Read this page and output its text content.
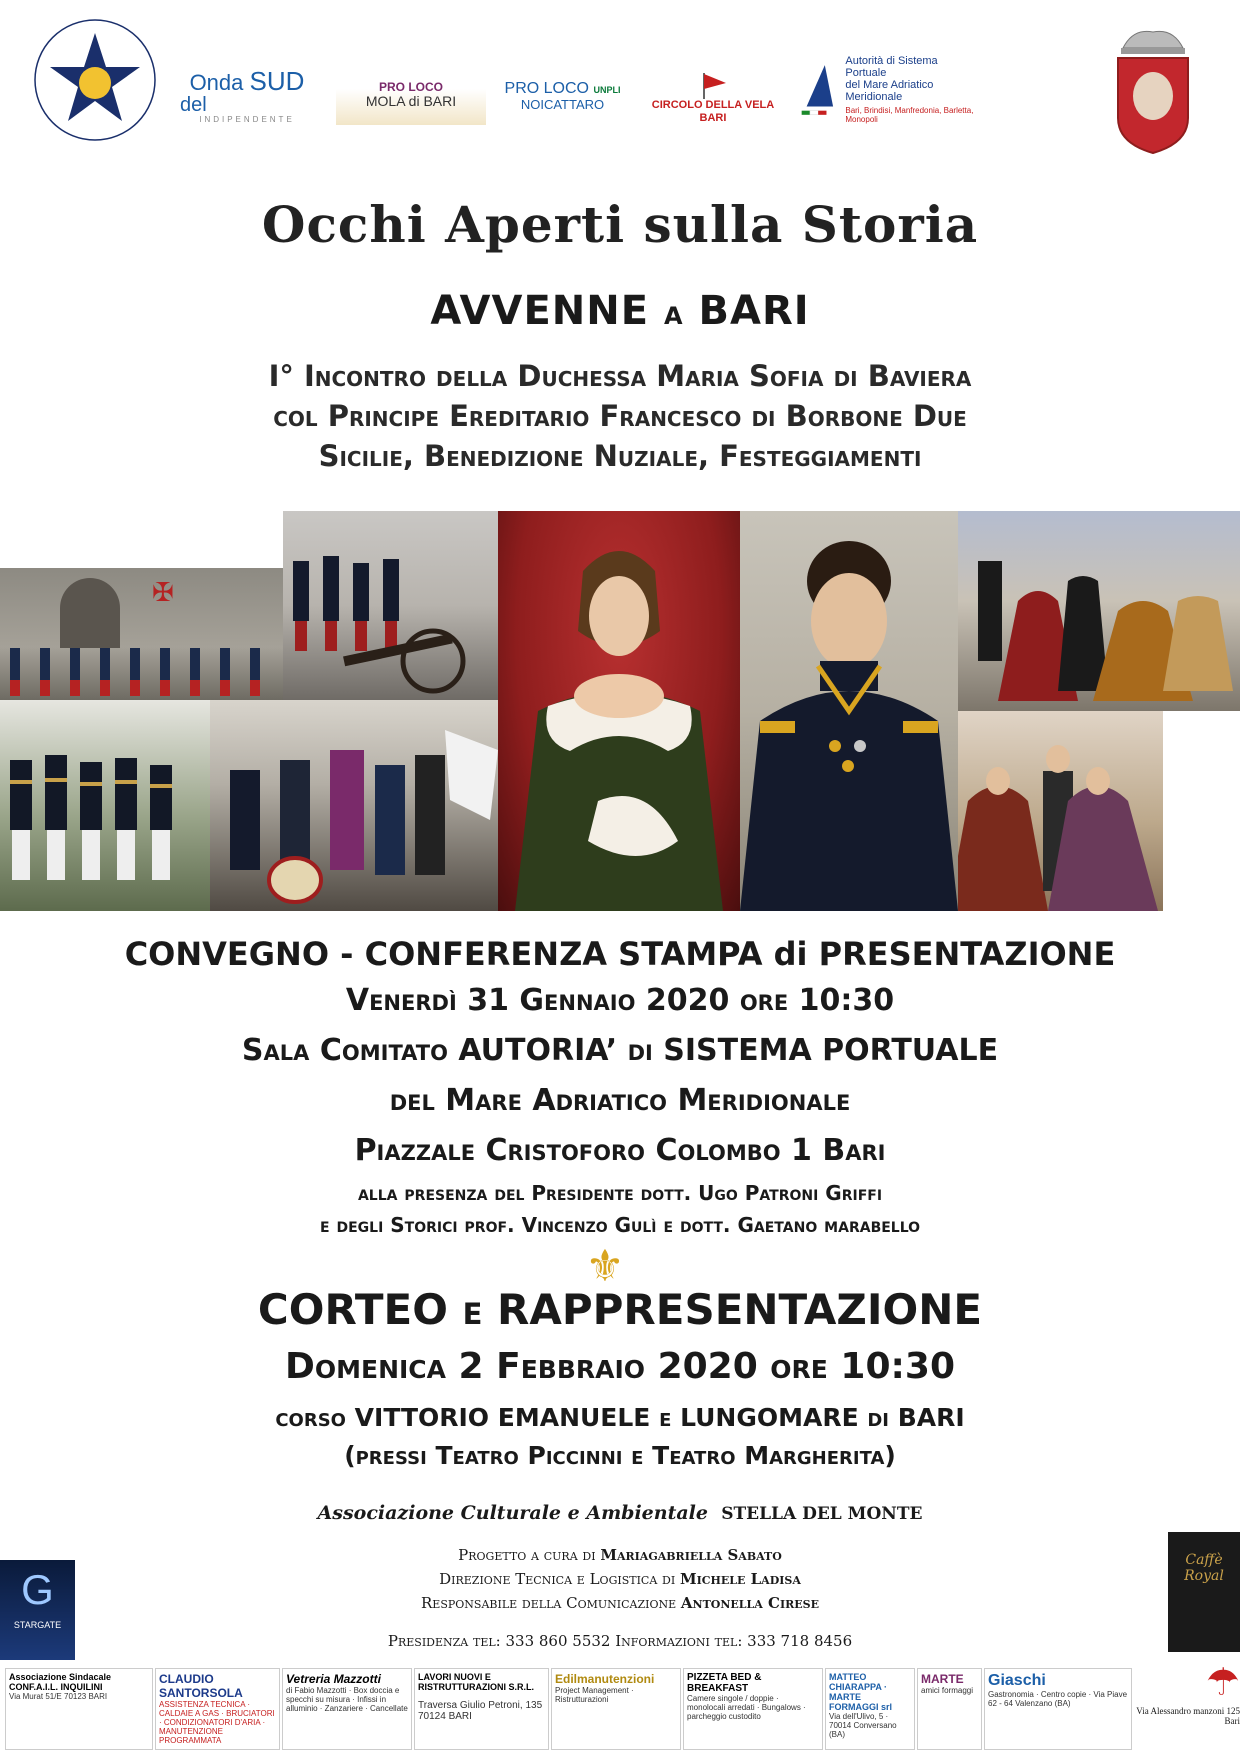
Onda SUD
del
INDIPENDENTE
PRO LOCO
MOLA di BARI
PRO LOCO UNPLI
NOICATTARO	CIRCOLO DELLA VELA BARI
Autorità di Sistema Portuale
del Mare Adriatico Meridionale
Bari, Brindisi, Manfredonia, Barletta, Monopoli
Occhi Aperti sulla Storia
AVVENNE a BARI
I° Incontro della Duchessa Maria Sofia di Baviera
col Principe Ereditario Francesco di Borbone Due
Sicilie, Benedizione Nuziale, Festeggiamenti
✠
CONVEGNO - CONFERENZA STAMPA di PRESENTAZIONE
Venerdì 31 Gennaio 2020 ore 10:30
Sala Comitato AUTORIA’ di SISTEMA PORTUALE
del Mare Adriatico Meridionale
Piazzale Cristoforo Colombo 1 Bari
alla presenza del Presidente dott. Ugo Patroni Griffi
e degli Storici prof. Vincenzo Gulì e dott. Gaetano marabello
⚜
CORTEO e RAPPRESENTAZIONE
Domenica 2 Febbraio 2020 ore 10:30
corso VITTORIO EMANUELE e LUNGOMARE di BARI
(pressi Teatro Piccinni e Teatro Margherita)
Associazione Culturale e Ambientale STELLA DEL MONTE
Progetto a cura di Mariagabriella Sabato
Direzione Tecnica e Logistica di Michele Ladisa
Responsabile della Comunicazione Antonella Cirese
Presidenza tel: 333 860 5532 Informazioni tel: 333 718 8456
G
STARGATE
Caffè Royal
☂
Via Alessandro manzoni 125 Bari
Associazione Sindacale CONF.A.I.L. INQUILINI
Via Murat 51/E 70123 BARI
CLAUDIO SANTORSOLA
ASSISTENZA TECNICA · CALDAIE A GAS · BRUCIATORI · CONDIZIONATORI D'ARIA · MANUTENZIONE PROGRAMMATA
Vetreria Mazzotti
di Fabio Mazzotti · Box doccia e specchi su misura · Infissi in alluminio · Zanzariere · Cancellate
LAVORI NUOVI E RISTRUTTURAZIONI S.R.L.
Traversa Giulio Petroni, 135 70124 BARI
Edilmanutenzioni
Project Management · Ristrutturazioni
PIZZETA BED & BREAKFAST
Camere singole / doppie · monolocali arredati · Bungalows · parcheggio custodito
MATTEO CHIARAPPA · MARTE FORMAGGI srl
Via dell'Ulivo, 5 · 70014 Conversano (BA)
MARTE
amici formaggi
Giaschi
Gastronomia · Centro copie · Via Piave 62 - 64 Valenzano (BA)
